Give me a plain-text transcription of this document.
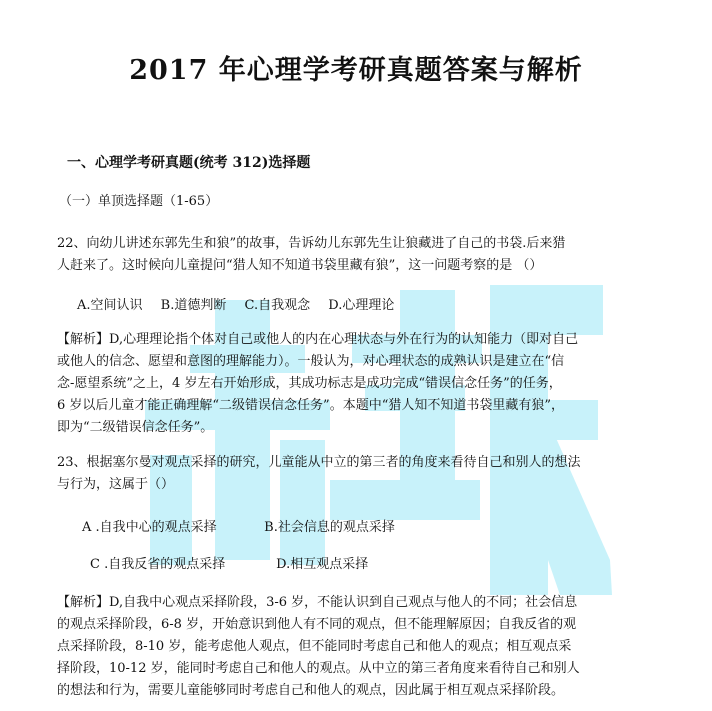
2017 年心理学考研真题答案与解析
一、心理学考研真题(统考 312)选择题
（一）单顶选择题（1-65）
22、向幼儿讲述东郭先生和狼”的故事，告诉幼儿东郭先生让狼藏进了自己的书袋.后来猎
人赶来了。这时候向儿童提问“猎人知不知道书袋里藏有狼”，这一问题考察的是 （）
A.空间认识 B.道德判断 C.自我观念 D.心理理论
【解析】D,心理理论指个体对自己或他人的内在心理状态与外在行为的认知能力（即对自己
或他人的信念、愿望和意图的理解能力）。一般认为，对心理状态的成熟认识是建立在“信
念-愿望系统”之上，4 岁左右开始形成，其成功标志是成功完成“错误信念任务”的任务，
6 岁以后儿童才能正确理解“二级错误信念任务”。本题中“猎人知不知道书袋里藏有狼”，
即为“二级错误信念任务”。
23、根据塞尔曼对观点采择的研究，儿童能从中立的第三者的角度来看待自己和别人的想法
与行为，这属于（）
A .自我中心的观点采择	B.社会信息的观点采择
C .自我反省的观点采择	D.相互观点采择
【解析】D,自我中心观点采择阶段，3-6 岁，不能认识到自己观点与他人的不同；社会信息
的观点采择阶段，6-8 岁，开始意识到他人有不同的观点，但不能理解原因；自我反省的观
点采择阶段，8-10 岁，能考虑他人观点，但不能同时考虑自己和他人的观点；相互观点采
择阶段，10-12 岁，能同时考虑自己和他人的观点。从中立的第三者角度来看待自己和别人
的想法和行为，需要儿童能够同时考虑自己和他人的观点，因此属于相互观点采择阶段。
